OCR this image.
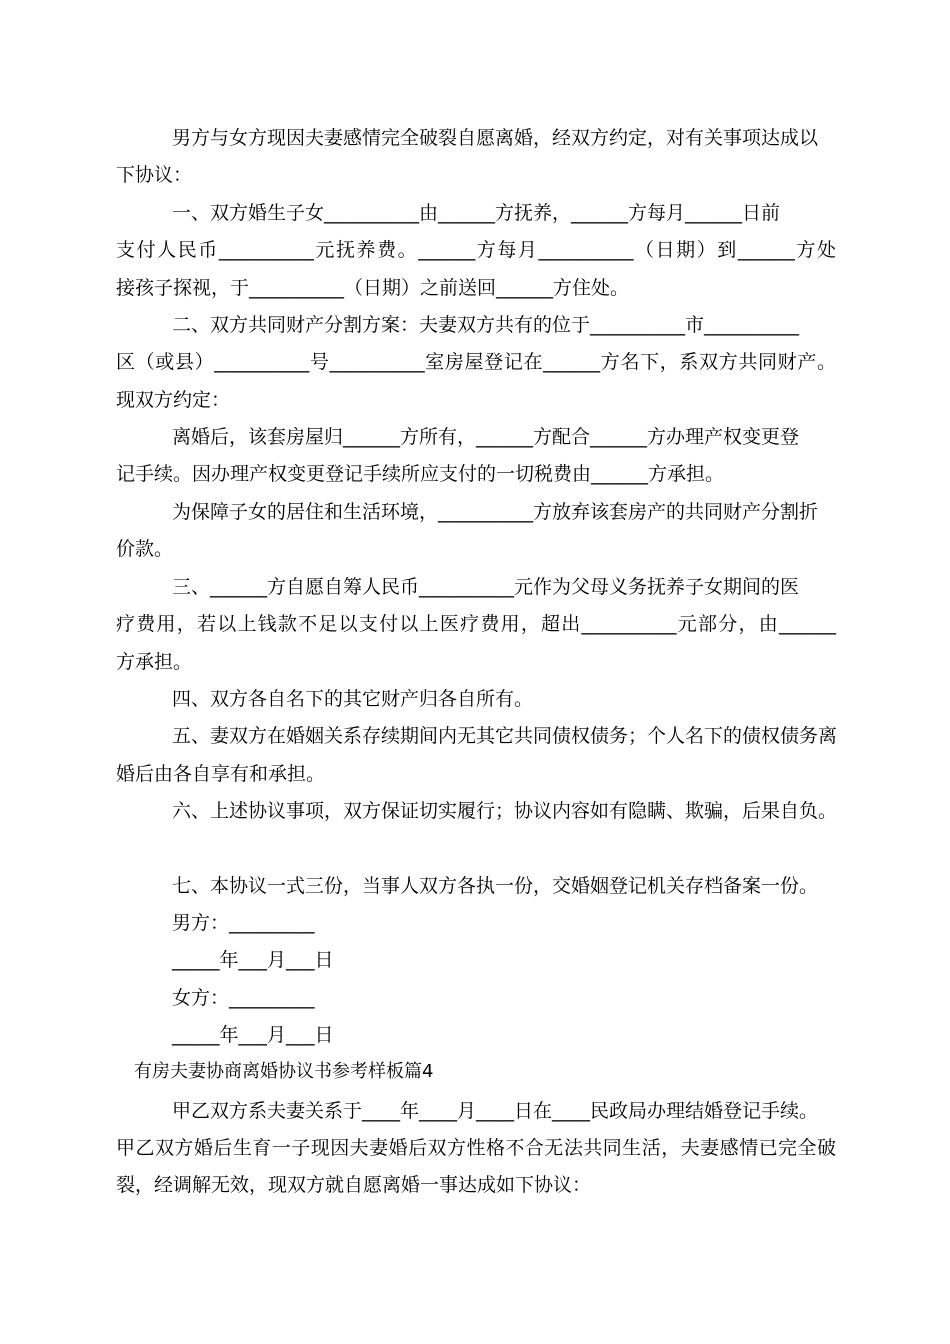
男方与女方现因夫妻感情完全破裂自愿离婚，经双方约定，对有关事项达成以
下协议：
一、双方婚生子女__________由______方抚养，______方每月______日前
支付人民币__________元抚养费。______方每月__________（日期）到______方处
接孩子探视，于__________（日期）之前送回______方住处。
二、双方共同财产分割方案：夫妻双方共有的位于__________市__________
区（或县）__________号__________室房屋登记在______方名下，系双方共同财产。
现双方约定：
离婚后，该套房屋归______方所有，______方配合______方办理产权变更登
记手续。因办理产权变更登记手续所应支付的一切税费由______方承担。
为保障子女的居住和生活环境，__________方放弃该套房产的共同财产分割折
价款。
三、______方自愿自筹人民币__________元作为父母义务抚养子女期间的医
疗费用，若以上钱款不足以支付以上医疗费用，超出__________元部分，由______
方承担。
四、双方各自名下的其它财产归各自所有。
五、妻双方在婚姻关系存续期间内无其它共同债权债务；个人名下的债权债务离
婚后由各自享有和承担。
六、上述协议事项，双方保证切实履行；协议内容如有隐瞒、欺骗，后果自负。
七、本协议一式三份，当事人双方各执一份，交婚姻登记机关存档备案一份。
男方：_________
_____年___月___日
女方：_________
_____年___月___日
有房夫妻协商离婚协议书参考样板篇4
甲乙双方系夫妻关系于____年____月____日在____民政局办理结婚登记手续。
甲乙双方婚后生育一子现因夫妻婚后双方性格不合无法共同生活，夫妻感情已完全破
裂，经调解无效，现双方就自愿离婚一事达成如下协议：
